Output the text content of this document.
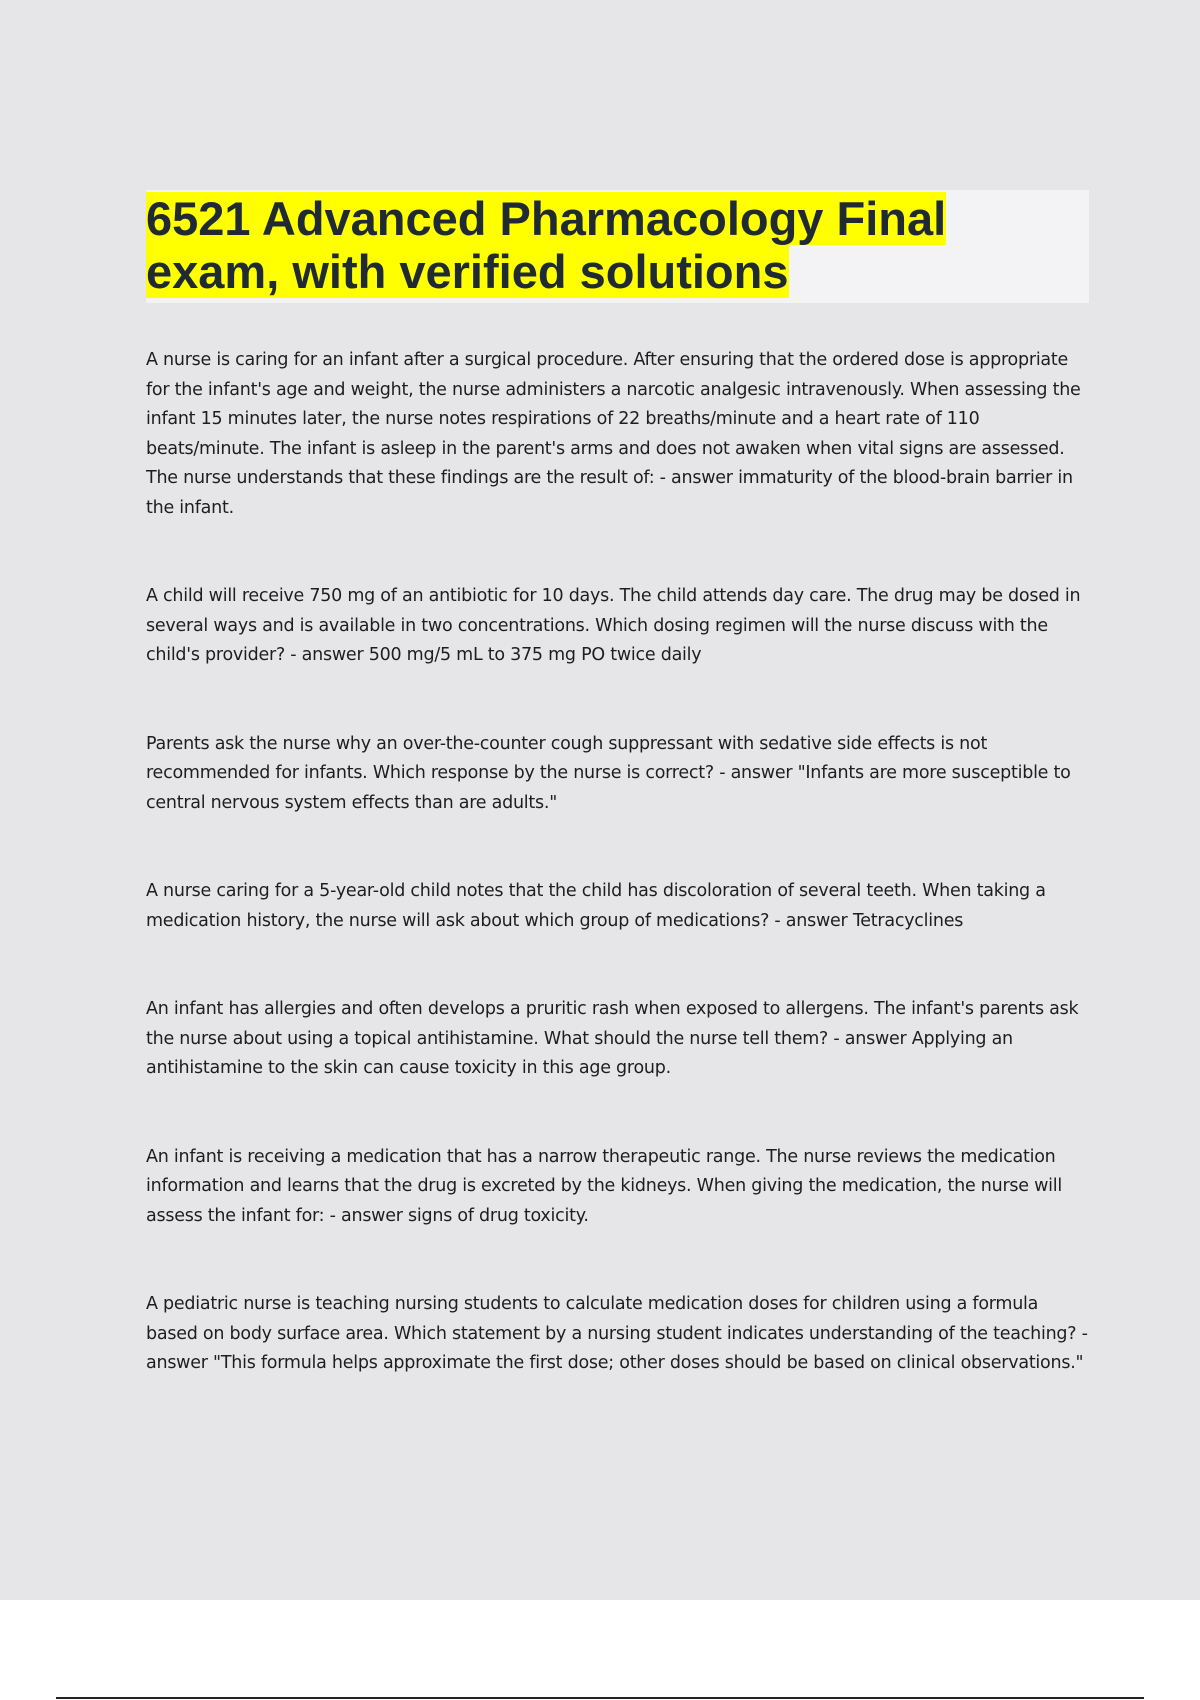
6521 Advanced Pharmacology Final exam, with verified solutions

A nurse is caring for an infant after a surgical procedure. After ensuring that the ordered dose is appropriate for the infant's age and weight, the nurse administers a narcotic analgesic intravenously. When assessing the infant 15 minutes later, the nurse notes respirations of 22 breaths/minute and a heart rate of 110 beats/minute. The infant is asleep in the parent's arms and does not awaken when vital signs are assessed. The nurse understands that these findings are the result of: - answer immaturity of the blood-brain barrier in the infant.

A child will receive 750 mg of an antibiotic for 10 days. The child attends day care. The drug may be dosed in several ways and is available in two concentrations. Which dosing regimen will the nurse discuss with the child's provider? - answer 500 mg/5 mL to 375 mg PO twice daily

Parents ask the nurse why an over-the-counter cough suppressant with sedative side effects is not recommended for infants. Which response by the nurse is correct? - answer "Infants are more susceptible to central nervous system effects than are adults."

A nurse caring for a 5-year-old child notes that the child has discoloration of several teeth. When taking a medication history, the nurse will ask about which group of medications? - answer Tetracyclines

An infant has allergies and often develops a pruritic rash when exposed to allergens. The infant's parents ask the nurse about using a topical antihistamine. What should the nurse tell them? - answer Applying an antihistamine to the skin can cause toxicity in this age group.

An infant is receiving a medication that has a narrow therapeutic range. The nurse reviews the medication information and learns that the drug is excreted by the kidneys. When giving the medication, the nurse will assess the infant for: - answer signs of drug toxicity.

A pediatric nurse is teaching nursing students to calculate medication doses for children using a formula based on body surface area. Which statement by a nursing student indicates understanding of the teaching? - answer "This formula helps approximate the first dose; other doses should be based on clinical observations."
